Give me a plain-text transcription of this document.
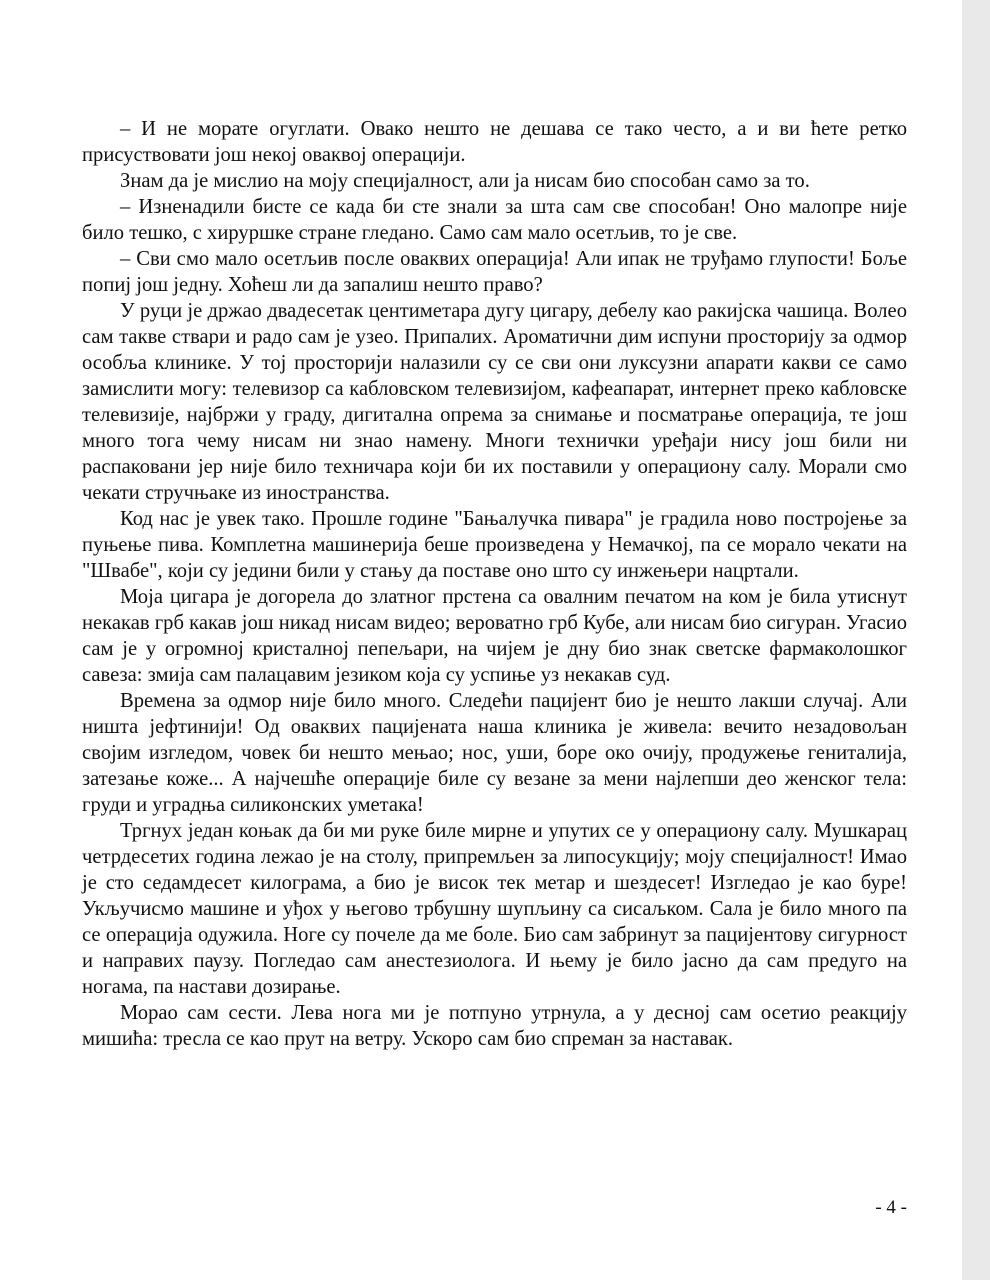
– И не морате огуглати. Овако нешто не дешава се тако често, а и ви ћете ретко присуствовати још некој оваквој операцији.

Знам да је мислио на моју специјалност, али ја нисам био способан само за то.

– Изненадили бисте се када би сте знали за шта сам све способан! Оно малопре није било тешко, с хируршке стране гледано. Само сам мало осетљив, то је све.

– Сви смо мало осетљив после оваквих операција! Али ипак не труђамо глупости! Боље попиј још једну. Хоћеш ли да запалиш нешто право?

У руци је држао двадесетак центиметара дугу цигару, дебелу као ракијска чашица. Волео сам такве ствари и радо сам је узео. Припалих. Ароматични дим испуни просторију за одмор особља клинике. У тој просторији налазили су се сви они луксузни апарати какви се само замислити могу: телевизор са кабловском телевизијом, кафеапарат, интернет преко кабловске телевизије, најбржи у граду, дигитална опрема за снимање и посматрање операција, те још много тога чему нисам ни знао намену. Многи технички уређаји нису још били ни распаковани јер није било техничара који би их поставили у операциону салу. Морали смо чекати стручњаке из иностранства.

Код нас је увек тако. Прошле године "Бањалучка пивара" је градила ново постројење за пуњење пива. Комплетна машинерија беше произведена у Немачкој, па се морало чекати на "Швабе", који су једини били у стању да поставе оно што су инжењери нацртали.

Моја цигара је догорела до златног прстена са овалним печатом на ком је била утиснут некакав грб какав још никад нисам видео; вероватно грб Кубе, али нисам био сигуран. Угасио сам је у огромној кристалној пепељари, на чијем је дну био знак светске фармаколошког савеза: змија сам палацавим језиком која су успиње уз некакав суд.

Времена за одмор није било много. Следећи пацијент био је нешто лакши случај. Али ништа јефтинији! Од оваквих пацијената наша клиника је живела: вечито незадовољан својим изгледом, човек би нешто мењао; нос, уши, боре око очију, продужење гениталија, затезање коже... А најчешће операције биле су везане за мени најлепши део женског тела: груди и уградња силиконских уметака!

Тргнух један коњак да би ми руке биле мирне и упутих се у операциону салу. Мушкарац четрдесетих година лежао је на столу, припремљен за липосукцију; моју специјалност! Имао је сто седамдесет килограма, а био је висок тек метар и шездесет! Изгледао је као буре! Укључисмо машине и уђох у његово трбушну шупљину са сисаљком. Сала је било много па се операција одужила. Ноге су почеле да ме боле. Био сам забринут за пацијентову сигурност и направих паузу. Погледао сам анестезиолога. И њему је било јасно да сам предуго на ногама, па настави дозирање.

Морао сам сести. Лева нога ми је потпуно утрнула, а у десној сам осетио реакцију мишића: тресла се као прут на ветру. Ускоро сам био спреман за наставак.

- 4 -
